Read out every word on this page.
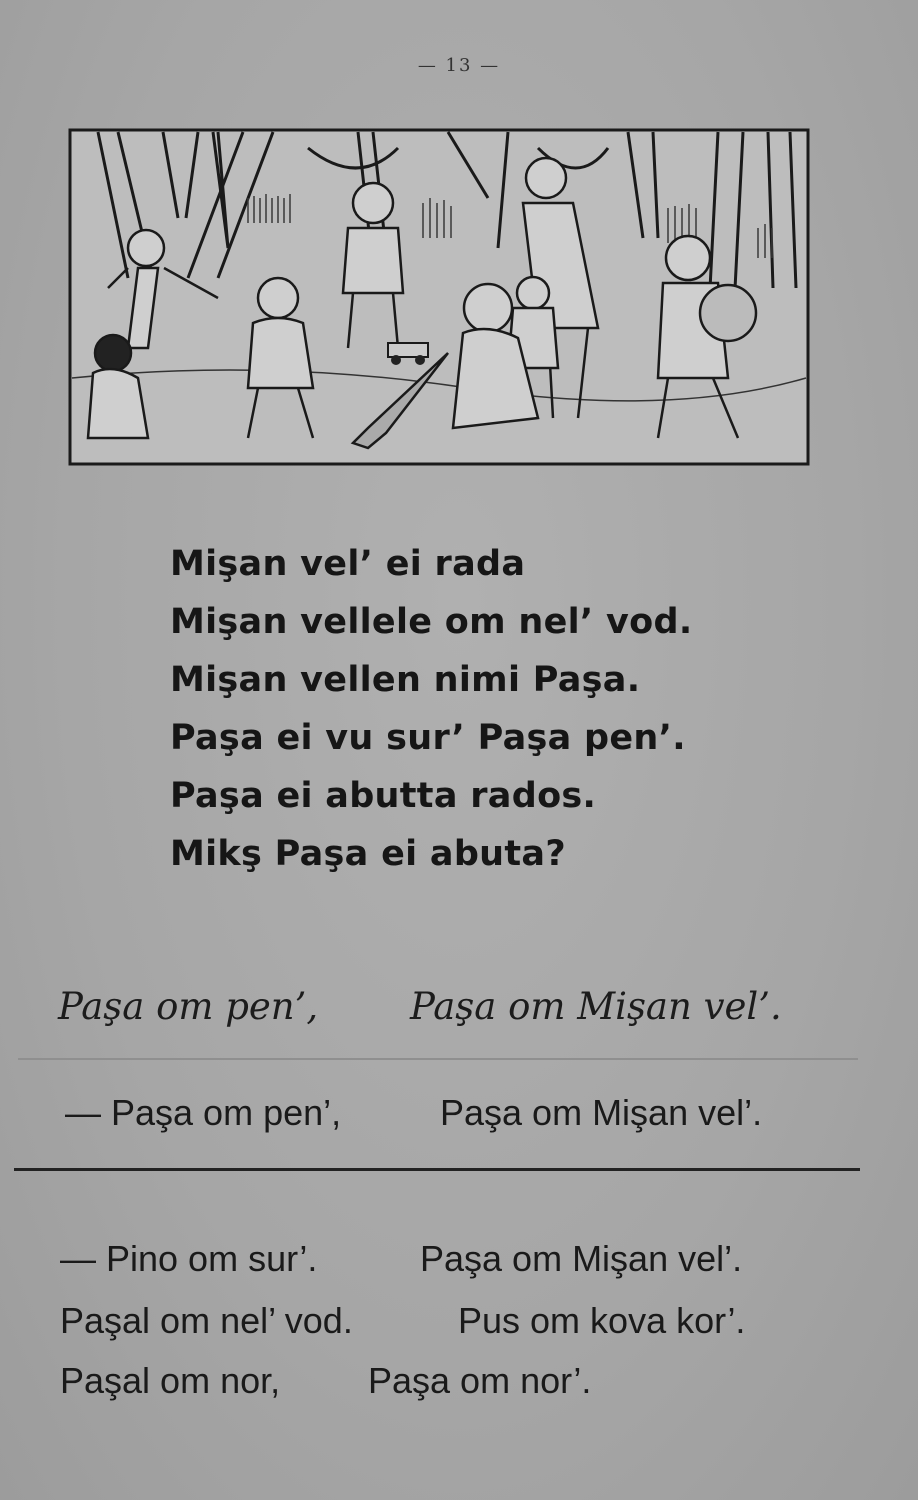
— 13 —
Mişan vel’ ei rada
Mişan vellele om nel’ vod.
Mişan vellen nimi Paşa.
Paşa ei vu sur’ Paşa pen’.
Paşa ei abutta rados.
Mikş Paşa ei abuta?
Paşa om pen’, Paşa om Mişan vel’.
— Paşa om pen’,	Paşa om Mişan vel’.
— Pino om sur’.	Paşa om Mişan vel’.
Paşal om nel’ vod.	Pus om kova kor’.
Paşal om nor, Paşa om nor’.
